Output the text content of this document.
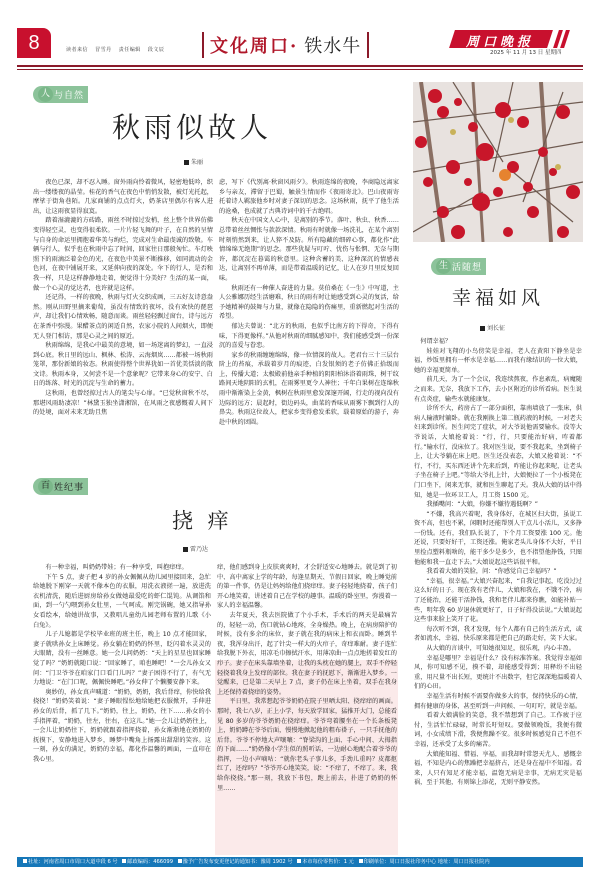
8	读者来信 冒雪丹 责任编辑 段文辰	文化周口· 铁水牛	周口晚报
2025 年 11 月 13 日 星期四
人 与自然
秋雨似故人
朱丽

夜色已深，却不忍入睡。窗外雨向怜着微风，轻密地低吟，织出一缕缕夜的晶莹。桂花的香气在夜色中悄悄发散，被灯光托起，摩挲于街角巷陌。几家商铺的点点灯火，奶茶店里偶尔有客人进出，让这雨夜显得寂寞。

踏着湿漉漉的方砖路，雨丝不时掠过发梢，丝上整个世界仿佛变得轻空灵，也变得很柔软。一片片轻飞舞的叶子，在自然的呈情与自身的命运里拥抱着华美与绚烂，完成对生命最虔诚的致敬。车辆与行人，似乎也在秋雨中忘了时间，回家往日那般匆忙。车灯映照下的雨滴泛着金色的光，在夜色中美景不断推移，如同流动的金色河，在夜中铺展开来，又延伸向夜的深处。伞下的行人，是否和我一样，只是这样静静地走着，便觉得十分美好？生活的某一面，做一个心灵的觉达者，也许就是这样。

还记得，一样的夜晚，秋雨与灯火交织成画，三五好友诗意盎然。刚从田野里摘来葡萄，虽没有情致的夜坏，没有欢快的琵琶声，却让我们心情欢畅，随意而谈。雨丝轻轻飘过窗台，诗与远方在茶香中弥漫。果醋茶点的闲适自然，农家小院的人间烟火，即便无人登门相访，那是心灵之间的原近。

秋雨绵绵，是我心中最美的意境，如一场迷离的梦幻，一直浸到心底。秋日里的远山、枫林、松涛、云海烟岚……都被一场秋雨笼罩，那份新娘的妆态。秋雨使得整个世界犹如一首优美恬淡的散文诗。秋雨本身，又何尝不是一个意象呢？它带来身心的安宁、白日的练落、时光的沉淀与生命的蓄力。

这秋雨，也曾经掠过古人的笔尖与心扉。“已觉秋窗秋不尽，那堪风雨助凄凉！”林黛玉独坐潇湘馆，在风雨之夜感慨着人间下的处境，面对未来无助且焦

虑，写下《代别离·秋窗风雨夕》。秋雨连绵的夜晚，李商隐远离家乡与亲友，滞留于巴蜀，触景生情而作《夜雨寄北》。巴山夜雨寄托着诗人羁旅他乡时对妻子深切的思念。这场秋雨，抚平了他生活的沧桑，也成就了古典诗词中的千古绝唱。

秋天在中国文人心中，是离别的季节。落叶、秋虫、秋香……总带着丝丝惆怅与款款深情。秋雨有时就像一场洗礼，在某个离别时刻悄然到来，让人猝不及防。所有隐藏的细碎心事，都化作“此情绵绵无绝期”的思念。那些犹疑与叮咛、忧伤与怅惘、无奈与期许，都沉淀在暮霭的秋意里。这种含蓄的美、这种深沉的情感表达，让离别不再单薄，而是带着温暖的记忆，让人在岁月里反复回味。

秋雨还有一种催人奋进的力量。莫伯桑在《一生》中写道，主人公雅娜历经生活磨难，秋日的雨有时让她感受到心灵的复活，给予她精神的鼓舞与力量，就像在隐隐的伤痛里，重新燃起对生活的希望。

郁达夫曾说：“北方的秋雨，也似乎比南方的下得奇，下得有味，下得更像样。”从他对秋雨的细腻感知中，我们能感受到一份深沉的喜爱与眷恋。

家乡的秋雨缠缠绵绵，像一位情深的故人。老君台三十三层台阶上的苔痕，承载着岁月的痕迹，白发银须的老子仿佛正拾级而上，传播大道；太极殿前他亲手种植的阴阳柏沐浴着雨珠，树干纹路间天地阴阳的玄机，在雨雾里更令人神往；千年白果树在连绵秋雨中渐渐染上金黄，枫树在秋雨里愈发深邃开阔，行走的视向没有边际的远方；晨起时，街边码头，曲菜的香味从雨雾下飘到行人的鼻尖。秋雨这位故人，把家乡变得愈发柔软，载着原始的游子，奔赴中秋的团圆。

生 活随想
幸福如风
刘长征

何谓幸福？

娃娃对飞翔的小鸟傍笑是幸福，老人在黄阳下静坐是幸福，炒饭里拥有一杯水是幸福……而我有缘结识的一位大娘，她的幸福更简单。

前几天，为了一个会议，我连续熬夜，作息紊乱，病魔随之而来。无奈，我放下工作，去小区附近的诊所看病。医生说有点炎症，输些水就能康复。

诊所不大，药房占了一部分面积，靠南墙放了一张床，供病人输液时躺卧。就在我刚换上第二瓶药液的时候，一对老夫妇来到诊所。医生问完了症状，对大爷说他需要输水。没等大爷说话，大娘抢着说：“行，行，只要能治好病，咋着都行。”输水行，没床位了。我对医生说，要不我起来，坐到椅子上，让大爷躺在床上吧。医生还没表态，大娘又抢着说：“不行，不行，买东西还讲个先来后到，咋能让你起来呢，让老头子坐在椅子上吧。”等给大爷扎上针，大娘便拉了一个小板凳在门口坐下，闲来无事，就和医生聊起了天。我从大娘的话中得知，她是一位环卫工人，月工资 1500 元。

我插嘴问：“大娘，你嫌不嫌待遇低啊？”

“不嫌，我高兴着呢，我身体好，在城区扫大街，虽说工资不高，但也不累，闲暇时还能帮别人干点儿小活儿，又多挣一份钱。还有，我们队长说了，下个月工资要涨 100 元。他还说，只要好好干，工资还涨。俺家老头儿身体不大好，平日里捡点塑料瓶啥的，能干多少是多少，也不指望他挣钱，只图他能和我一直走下去。”大娘说起这些话很平和。

我看着大娘的笑脸，问：“你感觉自己幸福吗？”

“幸福，很幸福。”大娘兴奋起来，“自我记事起，吃没过过这么好的日子。现在我有老伴儿，大娘和我在，不饿不冷，病了还能治，还能干活挣钱，我和老伴儿都来你瞧，如能补贴一些，明年我 60 岁退休就更好了，日子好得没法说。”大娘说起这些事来脸上笑开了花。

每次听不到，我才发现，每个人都有自己的生活方式，或者如流水，幸福、快乐原来都是把自己的路走好，笑下大家。

从大娘的言谈中，可知她很知足，很乐观，内心丰盈。

幸福是哪里？幸福是什么？没有标准答案。我觉得幸福如风，你可知感不见，摸不着，却能感受得到；用释纷不出轻重，用尺量不出长短，更统计不出数字，但它深深地温暖着人们的心田。

幸福生活有时候不需要你做多大的事，保持快乐的心情，拥有健康的身体，甚至听到一声问候、一句叮咛，就是幸福。

看着大娘满脸的笑意，我不禁想到了自己。工作疲于应付，生活忙忙碌碌，时常长吁短叹。要做领晚饭，我便有微词，小女成绩下滑，我便焦躁不安。很多时候感觉自己不但不幸福，还承受了太多的痛苦。

大娘能知福、惜福、享福，而我却时常怨天尤人、感慨幸福，不知是内心的焦躁把幸福挤占，还是身在福中不知福。看来，人只有知足才能幸福，温饱无病是幸事，无病无灾是福祸，至于其他，有则锦上添花，无则平静安然。

百 姓纪事
挠 痒
雷乃达

有一种幸福，叫奶奶带娃；有一种享受，叫抱痒痒。

下午 5 点，妻子把 4 岁的孙女佩佩从幼儿园里接回来，急忙给她脱下刚穿一天就不像本色的衣服，用洗衣液搓一遍，放进洗衣机清洗，随后进厨房给孙女做她最爱吃的虾仁馄饨。从调馅和面，到一勺勺喂到孙女肚里，一气呵成。刚完锅碗，她又指导孙女看绘本，给她讲故事，又教唱儿童幼儿园老师布置的儿歌《小白兔》。

儿子儿媳都是学校毕业班的班主任，晚上 10 点才能回家，妻子就哄孙女上床睡觉。孙女躺在奶奶的怀里，眨闪着水灵灵的大眼睛，没有一丝睡意。她一会儿问奶奶：“天上的星星也回家睡觉了吗？”奶奶就随口说：“回家睡了，咱也睡吧！”一会儿孙女又问：“门卫爷爷在咱家门口看门儿吗？”妻子困得不行了，有气无力地说：“在门口呢，佩佩快睡吧。”孙女伸了个懒腰安静下来。

奥妙的，孙女真声喊道：“奶奶，奶奶，我后背痒，你快给我挠挠！”奶奶笑着说：“妻子睡眼惺忪地给她把衣服掀开，手伸进孙女的后背，抓了几下。”奶奶，往上，奶奶，往下……孙女的小手指挥着，“奶奶，往左，往右，在这儿。”她一会儿让奶奶往上，一会儿让奶奶往下，奶奶就跟着指挥挠着，孙女渐渐地在奶奶的抚摸下，安静地进入梦乡，睡梦中嘴角上扬露出甜甜的笑容。这一刻，孙女的满足，奶奶的幸福，都化作温馨的画面，一直印在我心里。

痒，他们感到身上皮肤爽爽时，才会舒适安心地睡去。就是到了初中、高中离家上学的年龄，每逢星期天、节假日回家，晚上睡觉前的第一件事，仍是让妈妈给他们挠痒痒。妻子轻轻地挠着，孩子们开心地笑着，讲述着自己在学校的趣事。温暖的卧室里，弥漫着一家人的幸福温馨。

去年夏天，我去医院做了个小手术，手术后的两天是最痛苦的，轻轻一动，伤口就钻心地疼，全身燥热。晚上，在病房陪护的时候，没有多余的床位，妻子就在我的病床上和衣而卧。睡到半夜，我浑身出汗，起了针尖一样大的火疖子，奇痒难耐。妻子连忙给我脱下外衣，用凉毛巾擦拭汗水，用薄凉曲一点点地搓着发红的疖子。妻子在床头靠墙坐着，让我的头枕在她的腿上，双手不停轻轻挠着我身上发痒的部位。我在妻子的抚慰下，渐渐进入梦乡。一觉醒来，已是第二天早上 7 点，妻子仍在床上坐着，双手在我身上还保持着挠痒的姿势。

平日里，我常想起爷爷奶奶在院子里晒太阳、挠痒痒的画面。那时，我七八岁，正上小学，每天放学回家，猛推开大门，总能看见 80 多岁的爷爷奶奶在挠痒痒。爷爷弯着腰坐在一个长条板凳上，奶奶蹲在爷爷后面，慢慢地掀起他的粗布褂子，一只手抚他的后背。爷爷不停地大声嚷嚷：“脊梁沟的上面、手心中间、大拇指的下面……”奶奶像小学生似的照听话，一边耐心地配合着爷爷的指挥，一边小声嘀咕：“就你老头子事儿多，手劲儿重吗？皮都抠红了，还痒吗？”爷爷开心地笑笑，说：“不痒了，不痒了。来，我给你挠挠。”那一刻，我放下书包，跑上前去，扑进了奶奶的怀里……

社址：河南省周口市周口大道中段 6 号 邮政编码：466099 豫予广告发布变更登记的通知书：豫周 1902 号 本市每份零售价：1 元 印刷单位：周口日报社印务中心 地址：周口日报社院内
